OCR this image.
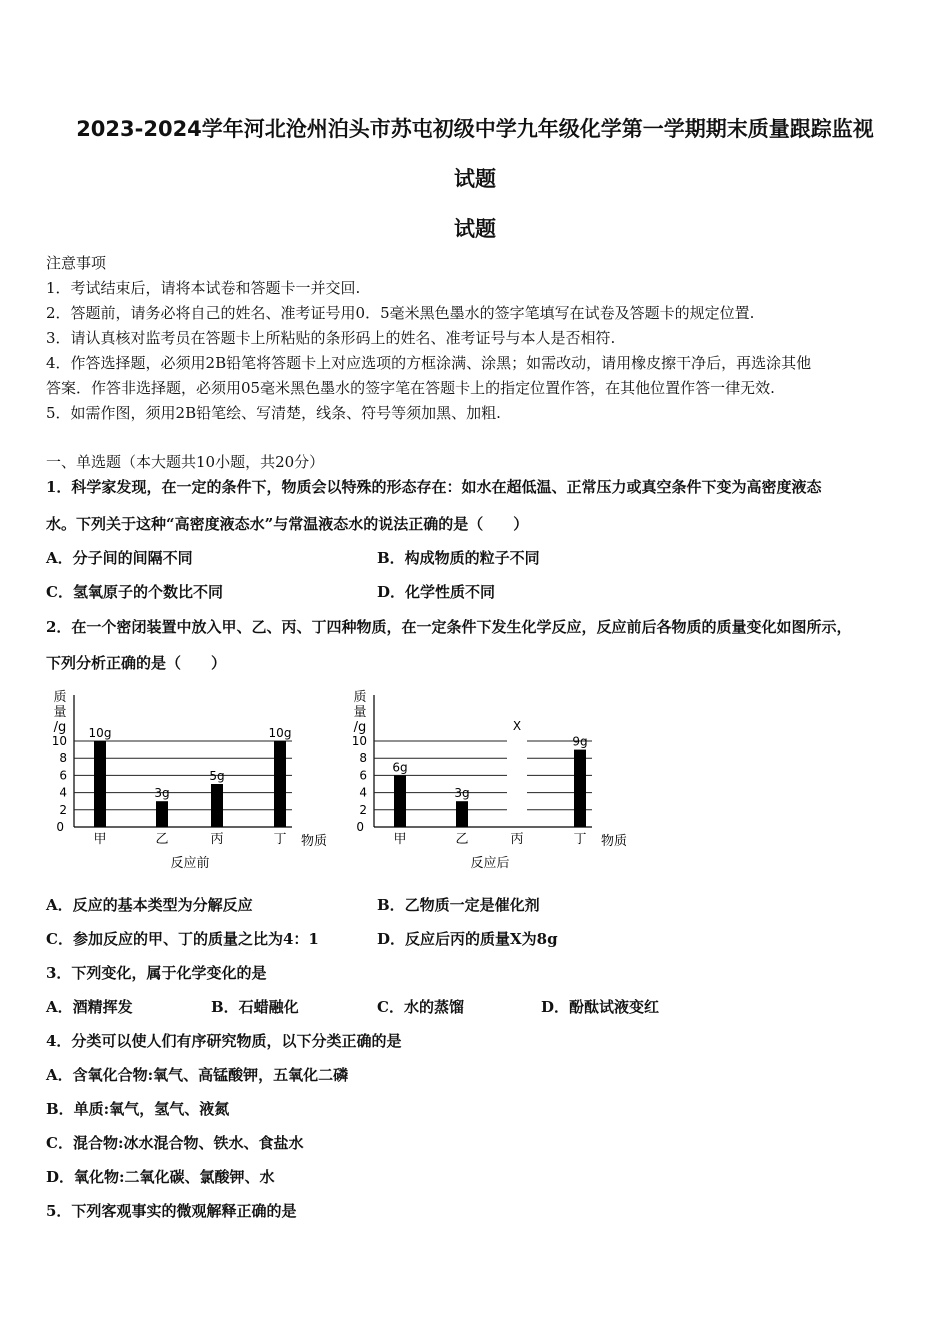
2023-2024学年河北沧州泊头市苏屯初级中学九年级化学第一学期期末质量跟踪监视
试题
试题
注意事项
1．考试结束后，请将本试卷和答题卡一并交回.
2．答题前，请务必将自己的姓名、准考证号用0．5毫米黑色墨水的签字笔填写在试卷及答题卡的规定位置.
3．请认真核对监考员在答题卡上所粘贴的条形码上的姓名、准考证号与本人是否相符.
4．作答选择题，必须用2B铅笔将答题卡上对应选项的方框涂满、涂黑；如需改动，请用橡皮擦干净后，再选涂其他
答案．作答非选择题，必须用05毫米黑色墨水的签字笔在答题卡上的指定位置作答，在其他位置作答一律无效.
5．如需作图，须用2B铅笔绘、写清楚，线条、符号等须加黑、加粗.
一、单选题（本大题共10小题，共20分）
1．科学家发现，在一定的条件下，物质会以特殊的形态存在：如水在超低温、正常压力或真空条件下变为高密度液态
水。下列关于这种“高密度液态水”与常温液态水的说法正确的是（　　）
A．分子间的间隔不同	B．构成物质的粒子不同
C．氢氧原子的个数比不同	D．化学性质不同
2．在一个密闭装置中放入甲、乙、丙、丁四种物质，在一定条件下发生化学反应，反应前后各物质的质量变化如图所示，
下列分析正确的是（　　）
质
量
/g
0
2
4
6
8
10
10g
甲
3g
乙
5g
丙
10g
丁 物质
反应前
质
量
/g
0
2
4
6
8
10
6g
甲
3g
乙
X
丙
9g
丁 物质
反应后
A．反应的基本类型为分解反应	B．乙物质一定是催化剂
C．参加反应的甲、丁的质量之比为4：1	D．反应后丙的质量X为8g
3．下列变化，属于化学变化的是
A．酒精挥发	B．石蜡融化	C．水的蒸馏	D．酚酞试液变红
4．分类可以使人们有序研究物质，以下分类正确的是
A．含氧化合物:氧气、高锰酸钾，五氧化二磷
B．单质:氧气，氢气、液氮
C．混合物:冰水混合物、铁水、食盐水
D．氧化物:二氧化碳、氯酸钾、水
5．下列客观事实的微观解释正确的是
